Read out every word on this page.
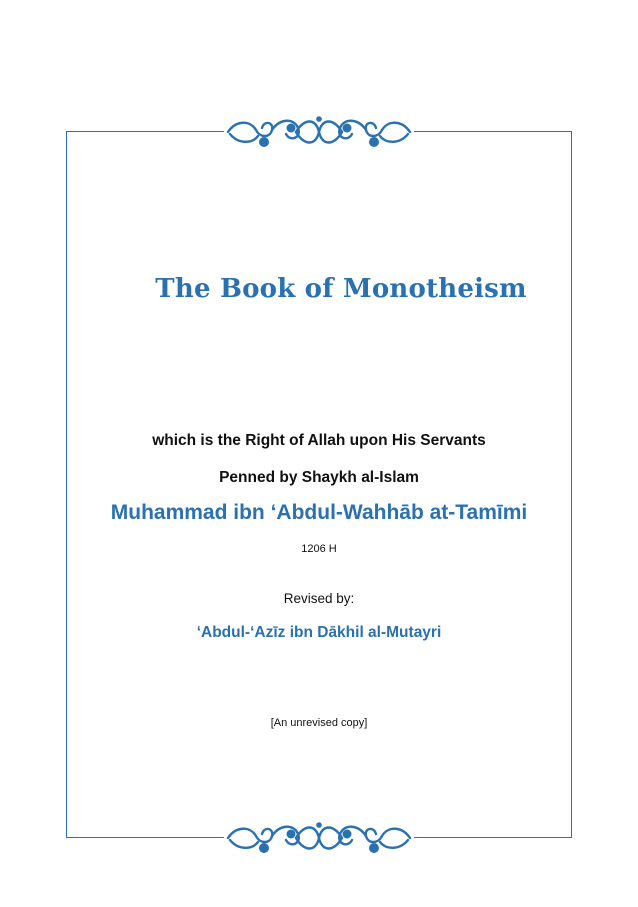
The Book of Monotheism

which is the Right of Allah upon His Servants

Penned by Shaykh al-Islam

Muhammad ibn ‘Abdul-Wahhāb at-Tamīmi

1206 H

Revised by:

‘Abdul-‘Azīz ibn Dākhil al-Mutayri

[An unrevised copy]
